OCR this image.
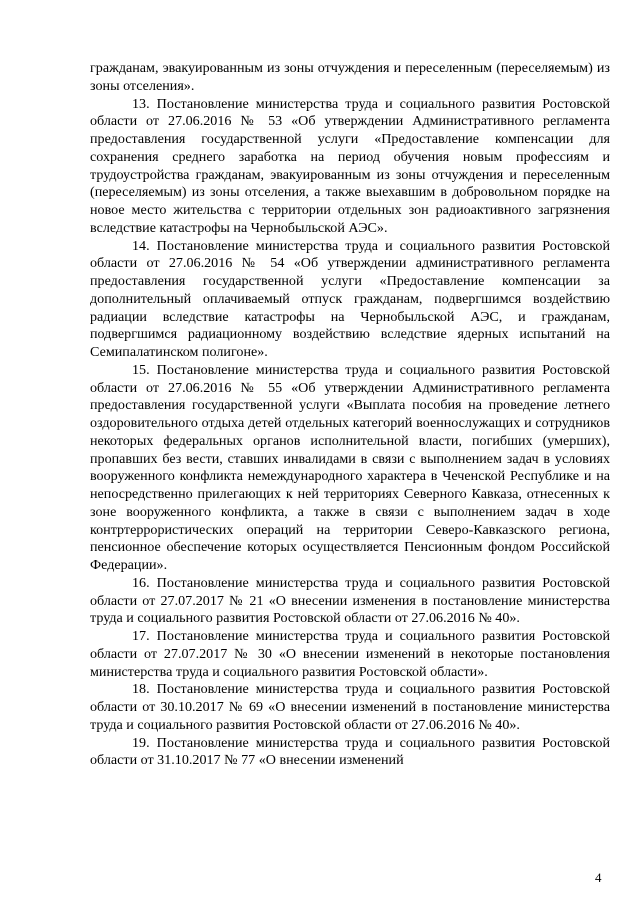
гражданам, эвакуированным из зоны отчуждения и переселенным (переселяемым) из зоны отселения».

13. Постановление министерства труда и социального развития Ростовской области от 27.06.2016 № 53 «Об утверждении Административного регламента предоставления государственной услуги «Предоставление компенсации для сохранения среднего заработка на период обучения новым профессиям и трудоустройства гражданам, эвакуированным из зоны отчуждения и переселенным (переселяемым) из зоны отселения, а также выехавшим в добровольном порядке на новое место жительства с территории отдельных зон радиоактивного загрязнения вследствие катастрофы на Чернобыльской АЭС».

14. Постановление министерства труда и социального развития Ростовской области от 27.06.2016 № 54 «Об утверждении административного регламента предоставления государственной услуги «Предоставление компенсации за дополнительный оплачиваемый отпуск гражданам, подвергшимся воздействию радиации вследствие катастрофы на Чернобыльской АЭС, и гражданам, подвергшимся радиационному воздействию вследствие ядерных испытаний на Семипалатинском полигоне».

15. Постановление министерства труда и социального развития Ростовской области от 27.06.2016 № 55 «Об утверждении Административного регламента предоставления государственной услуги «Выплата пособия на проведение летнего оздоровительного отдыха детей отдельных категорий военнослужащих и сотрудников некоторых федеральных органов исполнительной власти, погибших (умерших), пропавших без вести, ставших инвалидами в связи с выполнением задач в условиях вооруженного конфликта немеждународного характера в Чеченской Республике и на непосредственно прилегающих к ней территориях Северного Кавказа, отнесенных к зоне вооруженного конфликта, а также в связи с выполнением задач в ходе контртеррористических операций на территории Северо-Кавказского региона, пенсионное обеспечение которых осуществляется Пенсионным фондом Российской Федерации».

16. Постановление министерства труда и социального развития Ростовской области от 27.07.2017 № 21 «О внесении изменения в постановление министерства труда и социального развития Ростовской области от 27.06.2016 № 40».

17. Постановление министерства труда и социального развития Ростовской области от 27.07.2017 № 30 «О внесении изменений в некоторые постановления министерства труда и социального развития Ростовской области».

18. Постановление министерства труда и социального развития Ростовской области от 30.10.2017 № 69 «О внесении изменений в постановление министерства труда и социального развития Ростовской области от 27.06.2016 № 40».

19. Постановление министерства труда и социального развития Ростовской области от 31.10.2017 № 77 «О внесении изменений

4
